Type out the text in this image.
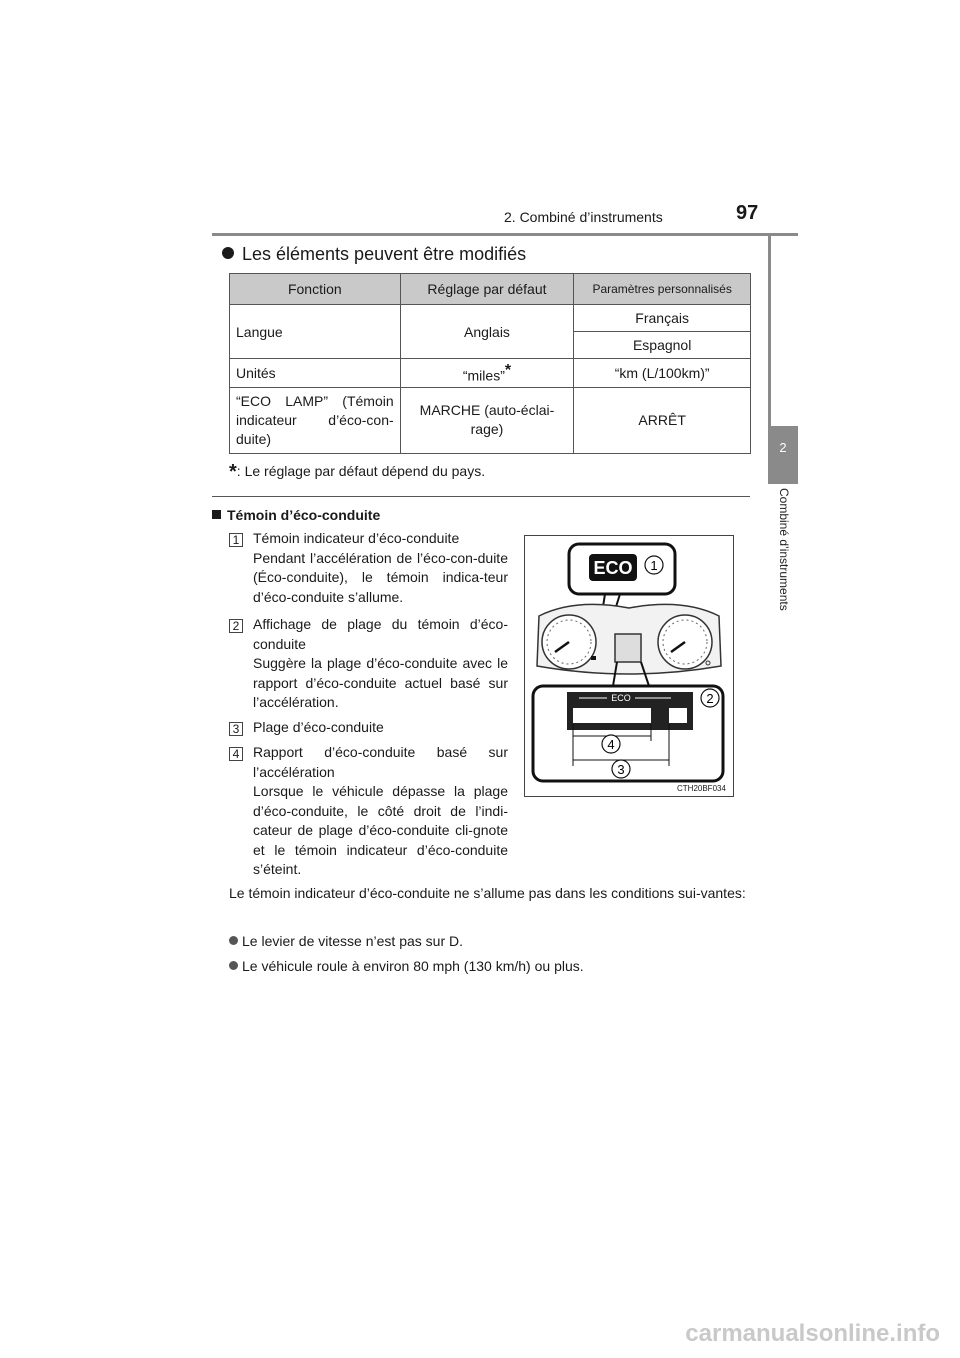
2. Combiné d’instruments	97
2
Combiné d’instruments
Les éléments peuvent être modifiés
Fonction	Réglage par défaut	Paramètres personnalisés
Langue	Anglais	Français
		Espagnol
Unités	“miles”*	“km (L/100km)”
“ECO LAMP” (Témoin indicateur d’éco-con-duite)	MARCHE (auto-éclai-rage)	ARRÊT
*: Le réglage par défaut dépend du pays.
Témoin d’éco-conduite
1 Témoin indicateur d’éco-conduite
Pendant l’accélération de l’éco-con-duite (Éco-conduite), le témoin indica-teur d’éco-conduite s’allume.
2 Affichage de plage du témoin d’éco-conduite
Suggère la plage d’éco-conduite avec le rapport d’éco-conduite actuel basé sur l’accélération.
3 Plage d’éco-conduite
4 Rapport d’éco-conduite basé sur l’accélération
Lorsque le véhicule dépasse la plage d’éco-conduite, le côté droit de l’indi-cateur de plage d’éco-conduite cli-gnote et le témoin indicateur d’éco-conduite s’éteint.
ECO 1
ECO	2
4
3
CTH20BF034
Le témoin indicateur d’éco-conduite ne s’allume pas dans les conditions sui-vantes:
Le levier de vitesse n’est pas sur D.
Le véhicule roule à environ 80 mph (130 km/h) ou plus.
carmanualsonline.info
